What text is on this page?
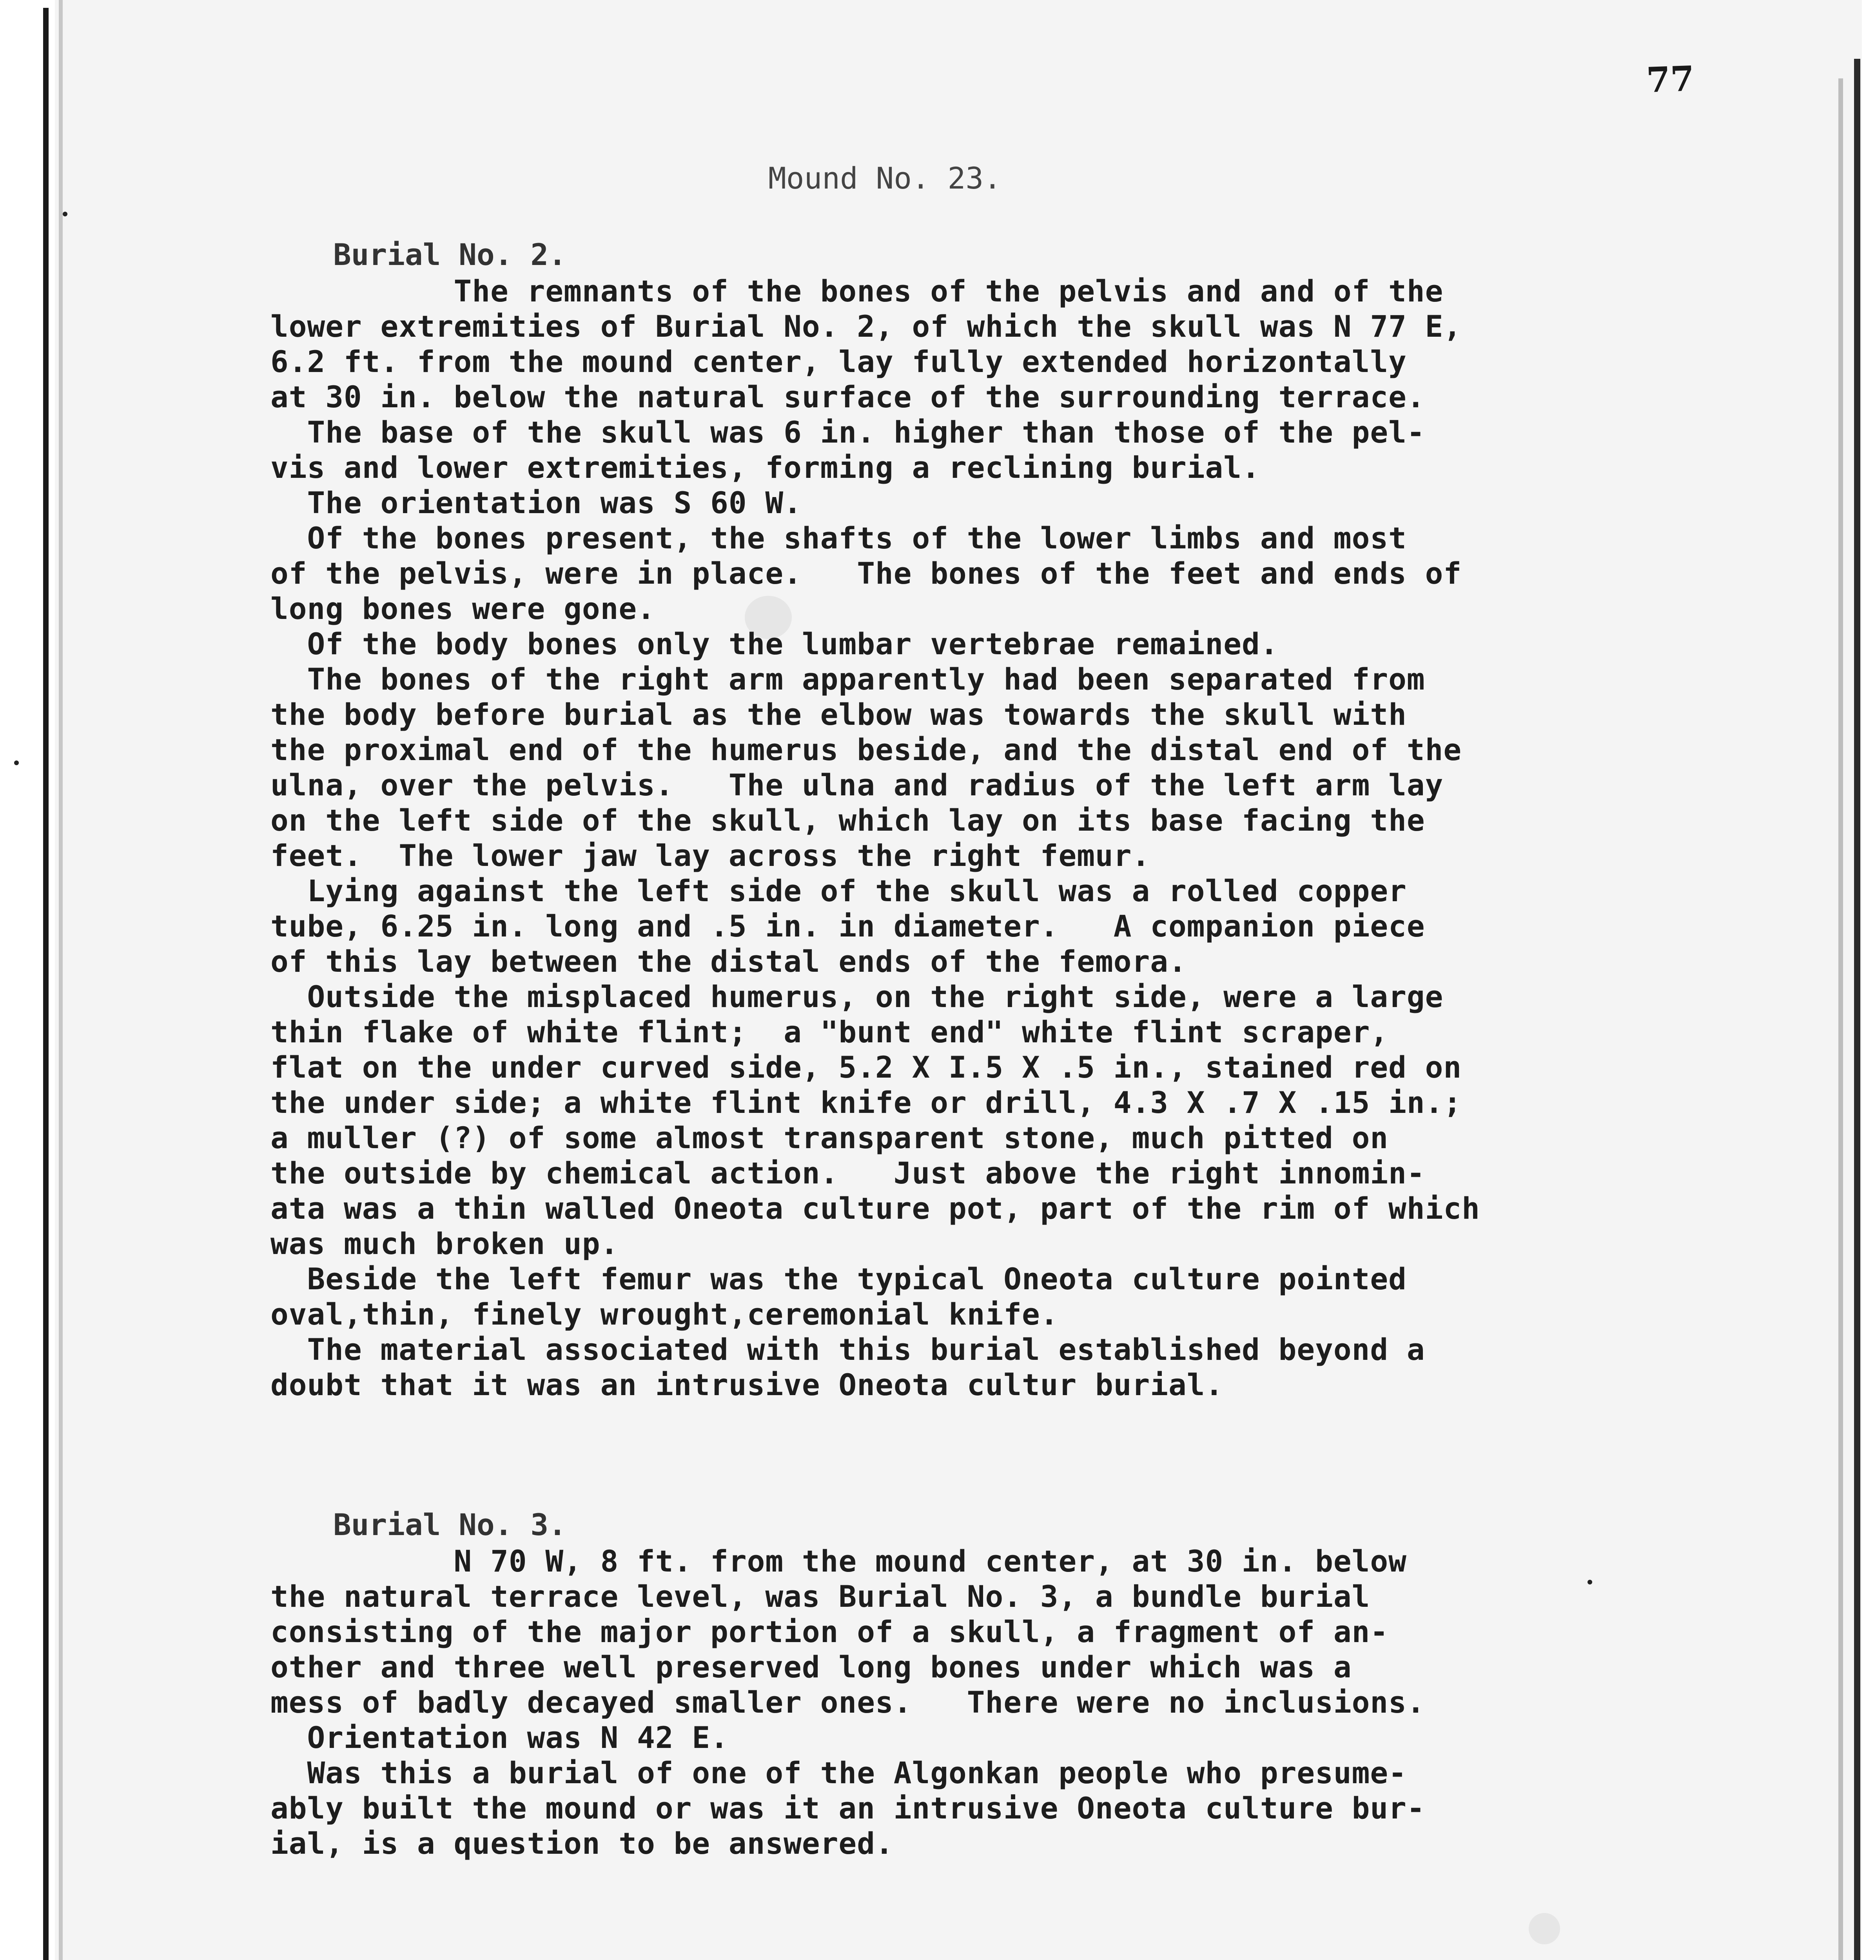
77
Mound No. 23.
Burial No. 2.
The remnants of the bones of the pelvis and and of the
lower extremities of Burial No. 2, of which the skull was N 77 E,
6.2 ft. from the mound center, lay fully extended horizontally
at 30 in. below the natural surface of the surrounding terrace.
The base of the skull was 6 in. higher than those of the pel-
vis and lower extremities, forming a reclining burial.
The orientation was S 60 W.
Of the bones present, the shafts of the lower limbs and most
of the pelvis, were in place.   The bones of the feet and ends of
long bones were gone.
Of the body bones only the lumbar vertebrae remained.
The bones of the right arm apparently had been separated from
the body before burial as the elbow was towards the skull with
the proximal end of the humerus beside, and the distal end of the
ulna, over the pelvis.   The ulna and radius of the left arm lay
on the left side of the skull, which lay on its base facing the
feet.  The lower jaw lay across the right femur.
Lying against the left side of the skull was a rolled copper
tube, 6.25 in. long and .5 in. in diameter.   A companion piece
of this lay between the distal ends of the femora.
Outside the misplaced humerus, on the right side, were a large
thin flake of white flint;  a "bunt end" white flint scraper,
flat on the under curved side, 5.2 X I.5 X .5 in., stained red on
the under side; a white flint knife or drill, 4.3 X .7 X .15 in.;
a muller (?) of some almost transparent stone, much pitted on
the outside by chemical action.   Just above the right innomin-
ata was a thin walled Oneota culture pot, part of the rim of which
was much broken up.
Beside the left femur was the typical Oneota culture pointed
oval,thin, finely wrought,ceremonial knife.
The material associated with this burial established beyond a
doubt that it was an intrusive Oneota cultur burial.
Burial No. 3.
N 70 W, 8 ft. from the mound center, at 30 in. below
the natural terrace level, was Burial No. 3, a bundle burial
consisting of the major portion of a skull, a fragment of an-
other and three well preserved long bones under which was a
mess of badly decayed smaller ones.   There were no inclusions.
Orientation was N 42 E.
Was this a burial of one of the Algonkan people who presume-
ably built the mound or was it an intrusive Oneota culture bur-
ial, is a question to be answered.
